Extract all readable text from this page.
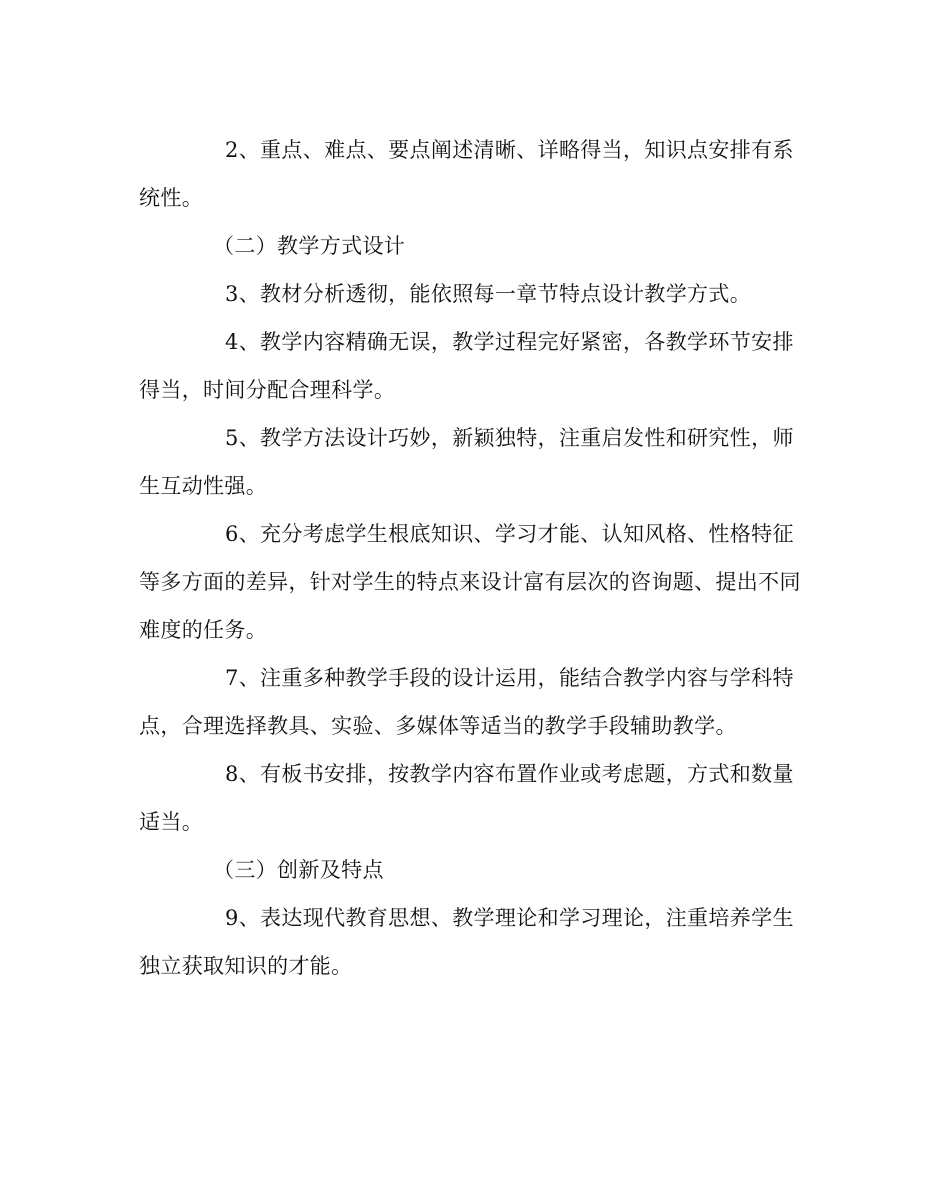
2、重点、难点、要点阐述清晰、详略得当，知识点安排有系统性。

（二）教学方式设计

3、教材分析透彻，能依照每一章节特点设计教学方式。

4、教学内容精确无误，教学过程完好紧密，各教学环节安排得当，时间分配合理科学。

5、教学方法设计巧妙，新颖独特，注重启发性和研究性，师生互动性强。

6、充分考虑学生根底知识、学习才能、认知风格、性格特征等多方面的差异，针对学生的特点来设计富有层次的咨询题、提出不同难度的任务。

7、注重多种教学手段的设计运用，能结合教学内容与学科特点，合理选择教具、实验、多媒体等适当的教学手段辅助教学。

8、有板书安排，按教学内容布置作业或考虑题，方式和数量适当。

（三）创新及特点

9、表达现代教育思想、教学理论和学习理论，注重培养学生独立获取知识的才能。
